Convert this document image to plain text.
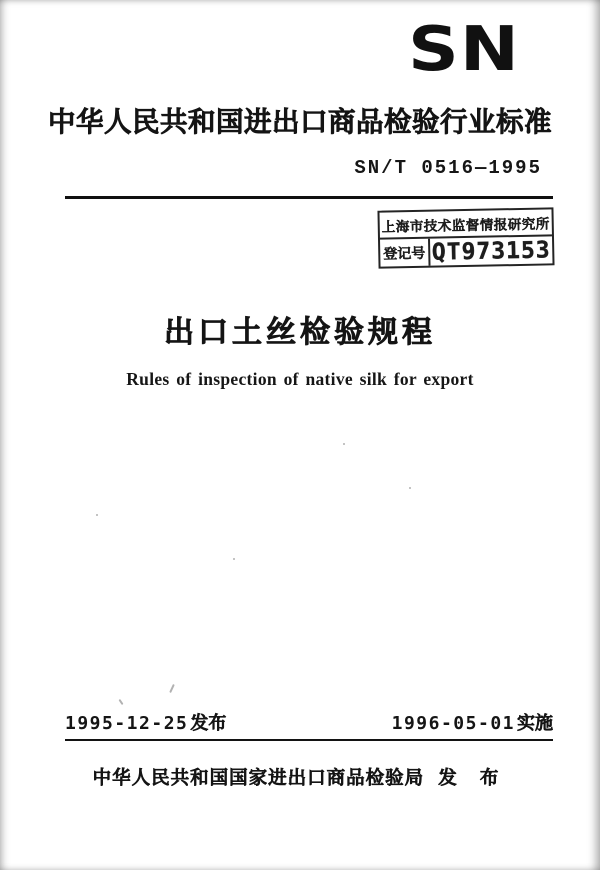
SN
中华人民共和国进出口商品检验行业标准
SN/T 0516—1995
上海市技术监督情报研究所
登记号 QT973153
出口土丝检验规程
Rules of inspection of native silk for export
1995-12-25 发布	1996-05-01 实施
中华人民共和国国家进出口商品检验局 发 布
